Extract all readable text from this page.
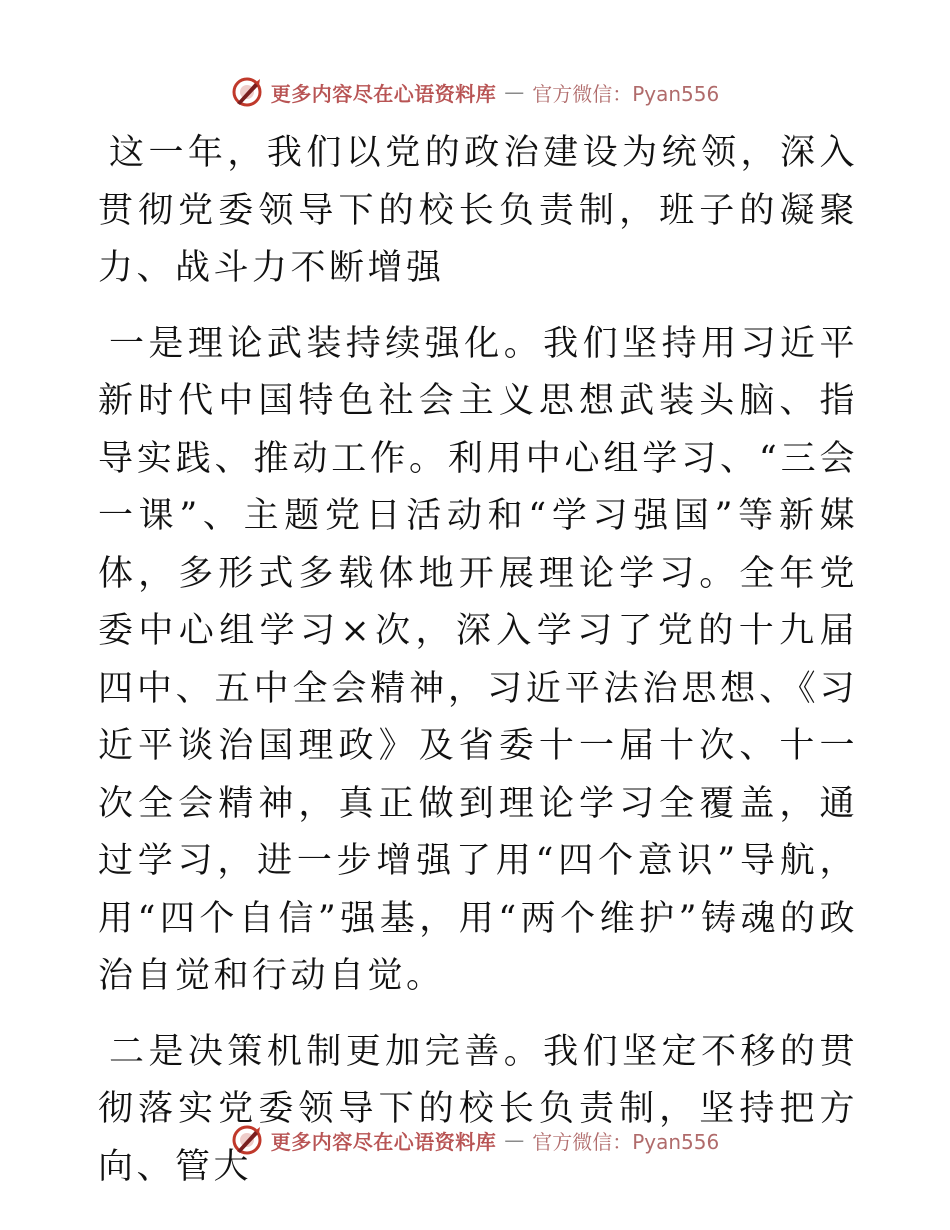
更多内容尽在心语资料库 — 官方微信：Pyan556

这一年，我们以党的政治建设为统领，深入贯彻党委领导下的校长负责制，班子的凝聚力、战斗力不断增强

一是理论武装持续强化。我们坚持用习近平新时代中国特色社会主义思想武装头脑、指导实践、推动工作。利用中心组学习、“三会一课”、主题党日活动和“学习强国”等新媒体，多形式多载体地开展理论学习。全年党委中心组学习×次，深入学习了党的十九届四中、五中全会精神，习近平法治思想、《习近平谈治国理政》及省委十一届十次、十一次全会精神，真正做到理论学习全覆盖，通过学习，进一步增强了用“四个意识”导航，用“四个自信”强基，用“两个维护”铸魂的政治自觉和行动自觉。

二是决策机制更加完善。我们坚定不移的贯彻落实党委领导下的校长负责制，坚持把方向、管大

更多内容尽在心语资料库 — 官方微信：Pyan556
